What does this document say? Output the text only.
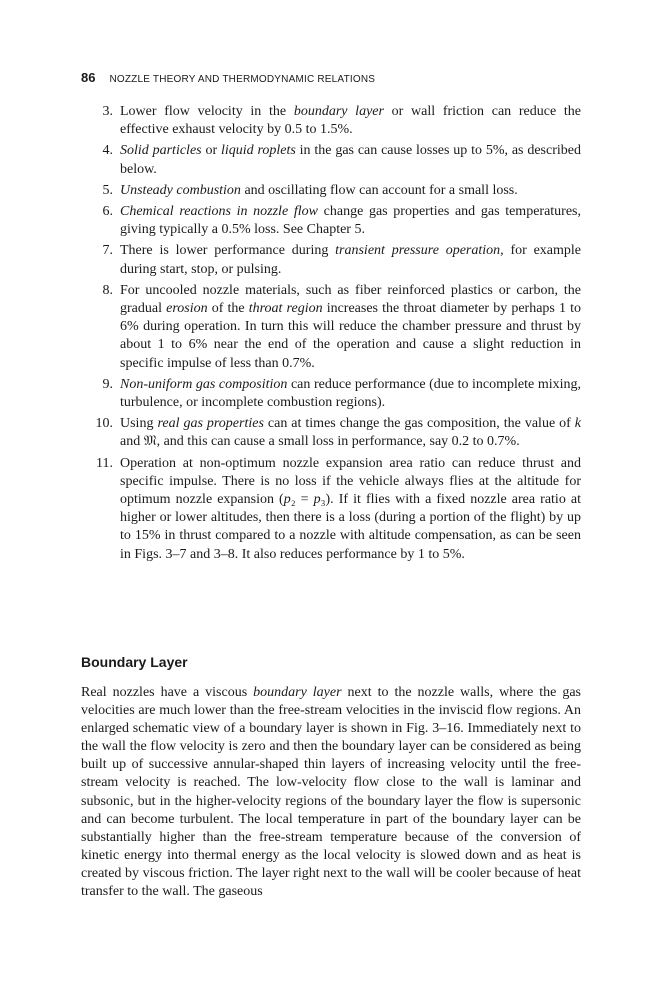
86 NOZZLE THEORY AND THERMODYNAMIC RELATIONS
3. Lower flow velocity in the boundary layer or wall friction can reduce the effective exhaust velocity by 0.5 to 1.5%.
4. Solid particles or liquid roplets in the gas can cause losses up to 5%, as described below.
5. Unsteady combustion and oscillating flow can account for a small loss.
6. Chemical reactions in nozzle flow change gas properties and gas temperatures, giving typically a 0.5% loss. See Chapter 5.
7. There is lower performance during transient pressure operation, for example during start, stop, or pulsing.
8. For uncooled nozzle materials, such as fiber reinforced plastics or carbon, the gradual erosion of the throat region increases the throat diameter by perhaps 1 to 6% during operation. In turn this will reduce the chamber pressure and thrust by about 1 to 6% near the end of the operation and cause a slight reduction in specific impulse of less than 0.7%.
9. Non-uniform gas composition can reduce performance (due to incomplete mixing, turbulence, or incomplete combustion regions).
10. Using real gas properties can at times change the gas composition, the value of k and 𝔐, and this can cause a small loss in performance, say 0.2 to 0.7%.
11. Operation at non-optimum nozzle expansion area ratio can reduce thrust and specific impulse. There is no loss if the vehicle always flies at the altitude for optimum nozzle expansion (p₂ = p₃). If it flies with a fixed nozzle area ratio at higher or lower altitudes, then there is a loss (during a portion of the flight) by up to 15% in thrust compared to a nozzle with altitude compensation, as can be seen in Figs. 3–7 and 3–8. It also reduces performance by 1 to 5%.
Boundary Layer

Real nozzles have a viscous boundary layer next to the nozzle walls, where the gas velocities are much lower than the free-stream velocities in the inviscid flow regions. An enlarged schematic view of a boundary layer is shown in Fig. 3–16. Immediately next to the wall the flow velocity is zero and then the boundary layer can be considered as being built up of successive annular-shaped thin layers of increasing velocity until the free-stream velocity is reached. The low-velocity flow close to the wall is laminar and subsonic, but in the higher-velocity regions of the boundary layer the flow is supersonic and can become turbulent. The local temperature in part of the boundary layer can be substantially higher than the free-stream temperature because of the conversion of kinetic energy into thermal energy as the local velocity is slowed down and as heat is created by viscous friction. The layer right next to the wall will be cooler because of heat transfer to the wall. The gaseous
